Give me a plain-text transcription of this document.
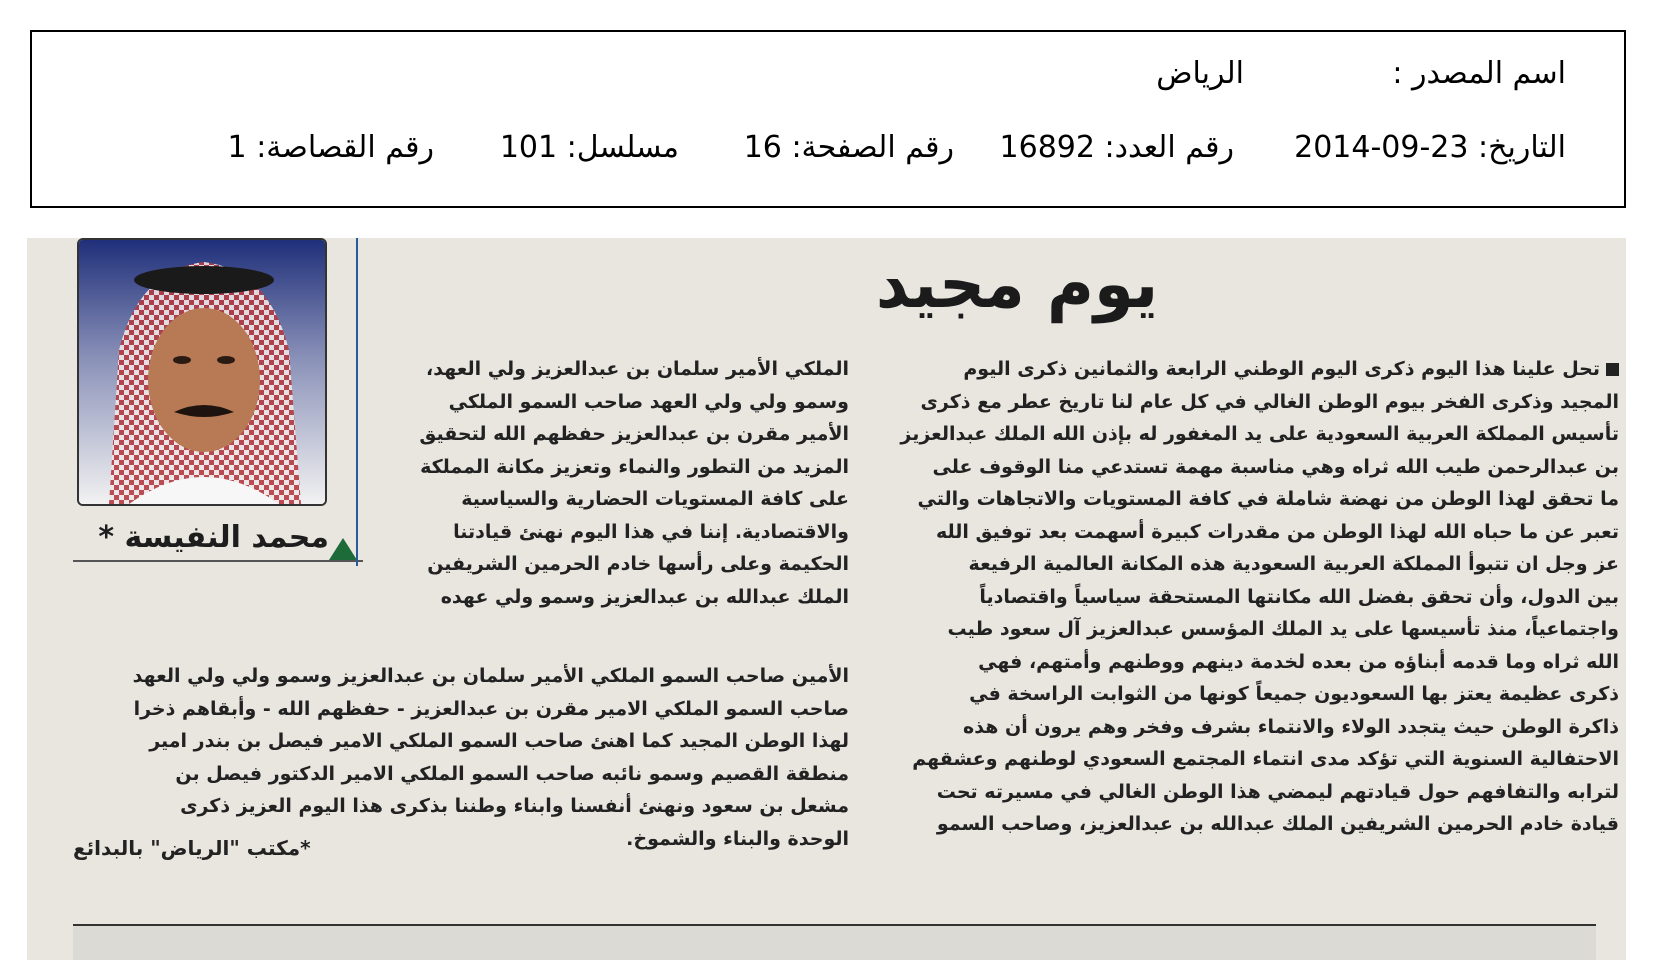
اسم المصدر :
الرياض
التاريخ: 2014-09-23
رقم العدد: 16892
رقم الصفحة: 16
مسلسل: 101
رقم القصاصة: 1
يوم مجيد
محمد النفيسة *
تحل علينا هذا اليوم ذكرى اليوم الوطني الرابعة والثمانين ذكرى اليوم
المجيد وذكرى الفخر بيوم الوطن الغالي في كل عام لنا تاريخ عطر مع ذكرى
تأسيس المملكة العربية السعودية على يد المغفور له بإذن الله الملك عبدالعزيز
بن عبدالرحمن طيب الله ثراه وهي مناسبة مهمة تستدعي منا الوقوف على
ما تحقق لهذا الوطن من نهضة شاملة في كافة المستويات والاتجاهات والتي
تعبر عن ما حباه الله لهذا الوطن من مقدرات كبيرة أسهمت بعد توفيق الله
عز وجل ان تتبوأ المملكة العربية السعودية هذه المكانة العالمية الرفيعة
بين الدول، وأن تحقق بفضل الله مكانتها المستحقة سياسياً واقتصادياً
واجتماعياً، منذ تأسيسها على يد الملك المؤسس عبدالعزيز آل سعود طيب
الله ثراه وما قدمه أبناؤه من بعده لخدمة دينهم ووطنهم وأمتهم، فهي
ذكرى عظيمة يعتز بها السعوديون جميعاً كونها من الثوابت الراسخة في
ذاكرة الوطن حيث يتجدد الولاء والانتماء بشرف وفخر وهم يرون أن هذه
الاحتفالية السنوية التي تؤكد مدى انتماء المجتمع السعودي لوطنهم وعشقهم
لترابه والتفافهم حول قيادتهم ليمضي هذا الوطن الغالي في مسيرته تحت
قيادة خادم الحرمين الشريفين الملك عبدالله بن عبدالعزيز، وصاحب السمو
الملكي الأمير سلمان بن عبدالعزيز ولي العهد،
وسمو ولي ولي العهد صاحب السمو الملكي
الأمير مقرن بن عبدالعزيز حفظهم الله لتحقيق
المزيد من التطور والنماء وتعزيز مكانة المملكة
على كافة المستويات الحضارية والسياسية
والاقتصادية. إننا في هذا اليوم نهنئ قيادتنا
الحكيمة وعلى رأسها خادم الحرمين الشريفين
الملك عبدالله بن عبدالعزيز وسمو ولي عهده
الأمين صاحب السمو الملكي الأمير سلمان بن عبدالعزيز وسمو ولي ولي العهد
صاحب السمو الملكي الامير مقرن بن عبدالعزيز - حفظهم الله - وأبقاهم ذخرا
لهذا الوطن المجيد كما اهنئ صاحب السمو الملكي الامير فيصل بن بندر امير
منطقة القصيم وسمو نائبه صاحب السمو الملكي الامير الدكتور فيصل بن
مشعل بن سعود ونهنئ أنفسنا وابناء وطننا بذكرى هذا اليوم العزيز ذكرى
الوحدة والبناء والشموخ.
*مكتب "الرياض" بالبدائع
